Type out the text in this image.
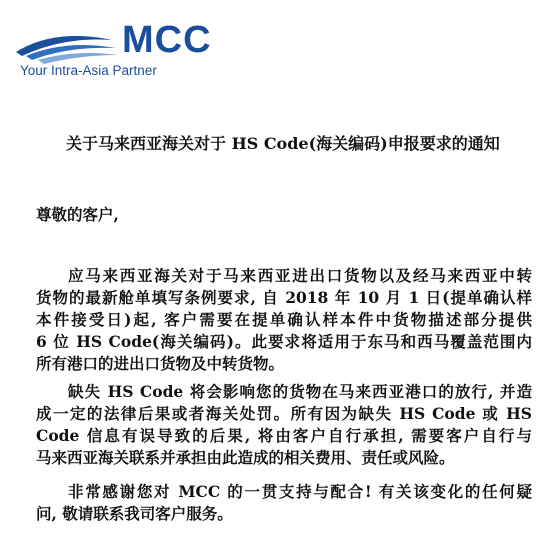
MCC
Your Intra-Asia Partner
关于马来西亚海关对于 HS Code(海关编码)申报要求的通知
尊敬的客户,
应马来西亚海关对于马来西亚进出口货物以及经马来西亚中转
货物的最新舱单填写条例要求, 自 2018 年 10 月 1 日(提单确认样
本件接受日)起, 客户需要在提单确认样本件中货物描述部分提供
6 位 HS Code(海关编码)。此要求将适用于东马和西马覆盖范围内
所有港口的进出口货物及中转货物。
缺失 HS Code 将会影响您的货物在马来西亚港口的放行, 并造
成一定的法律后果或者海关处罚。所有因为缺失 HS Code 或 HS
Code 信息有误导致的后果, 将由客户自行承担, 需要客户自行与
马来西亚海关联系并承担由此造成的相关费用、责任或风险。
非常感谢您对 MCC 的一贯支持与配合! 有关该变化的任何疑
问, 敬请联系我司客户服务。
